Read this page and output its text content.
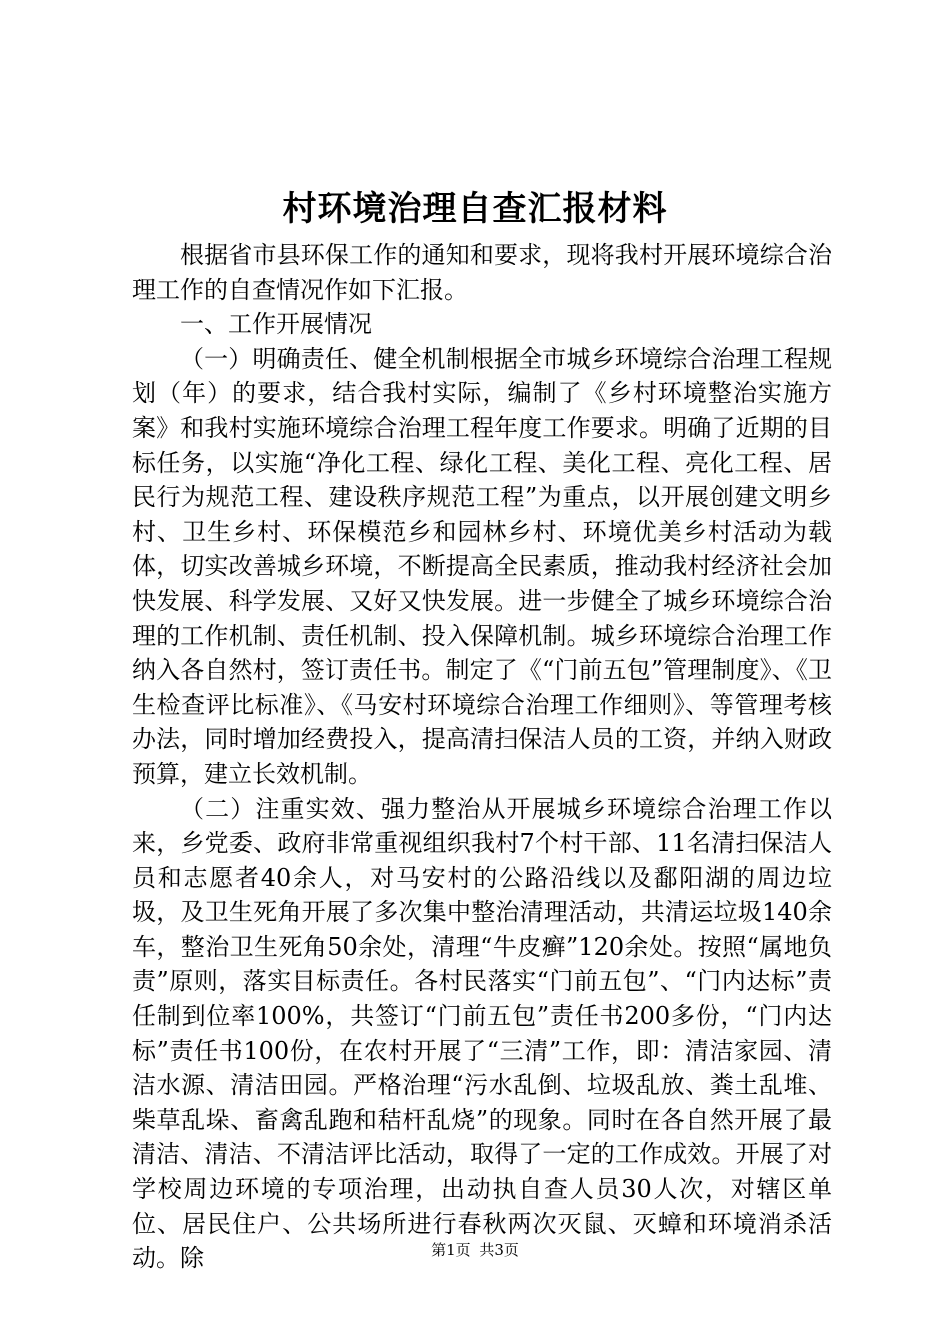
村环境治理自查汇报材料

根据省市县环保工作的通知和要求，现将我村开展环境综合治理工作的自查情况作如下汇报。

一、工作开展情况

（一）明确责任、健全机制根据全市城乡环境综合治理工程规划（年）的要求，结合我村实际，编制了《乡村环境整治实施方案》和我村实施环境综合治理工程年度工作要求。明确了近期的目标任务，以实施“净化工程、绿化工程、美化工程、亮化工程、居民行为规范工程、建设秩序规范工程”为重点，以开展创建文明乡村、卫生乡村、环保模范乡和园林乡村、环境优美乡村活动为载体，切实改善城乡环境，不断提高全民素质，推动我村经济社会加快发展、科学发展、又好又快发展。进一步健全了城乡环境综合治理的工作机制、责任机制、投入保障机制。城乡环境综合治理工作纳入各自然村，签订责任书。制定了《“门前五包”管理制度》、《卫生检查评比标准》、《马安村环境综合治理工作细则》、等管理考核办法，同时增加经费投入，提高清扫保洁人员的工资，并纳入财政预算，建立长效机制。

（二）注重实效、强力整治从开展城乡环境综合治理工作以来，乡党委、政府非常重视组织我村7个村干部、11名清扫保洁人员和志愿者40余人，对马安村的公路沿线以及鄱阳湖的周边垃圾，及卫生死角开展了多次集中整治清理活动，共清运垃圾140余车，整治卫生死角50余处，清理“牛皮癣”120余处。按照“属地负责”原则，落实目标责任。各村民落实“门前五包”、“门内达标”责任制到位率100%，共签订“门前五包”责任书200多份，“门内达标”责任书100份，在农村开展了“三清”工作，即：清洁家园、清洁水源、清洁田园。严格治理“污水乱倒、垃圾乱放、粪土乱堆、柴草乱垛、畜禽乱跑和秸杆乱烧”的现象。同时在各自然开展了最清洁、清洁、不清洁评比活动，取得了一定的工作成效。开展了对学校周边环境的专项治理，出动执自查人员30人次，对辖区单位、居民住户、公共场所进行春秋两次灭鼠、灭蟑和环境消杀活动。除	第1页 共3页
